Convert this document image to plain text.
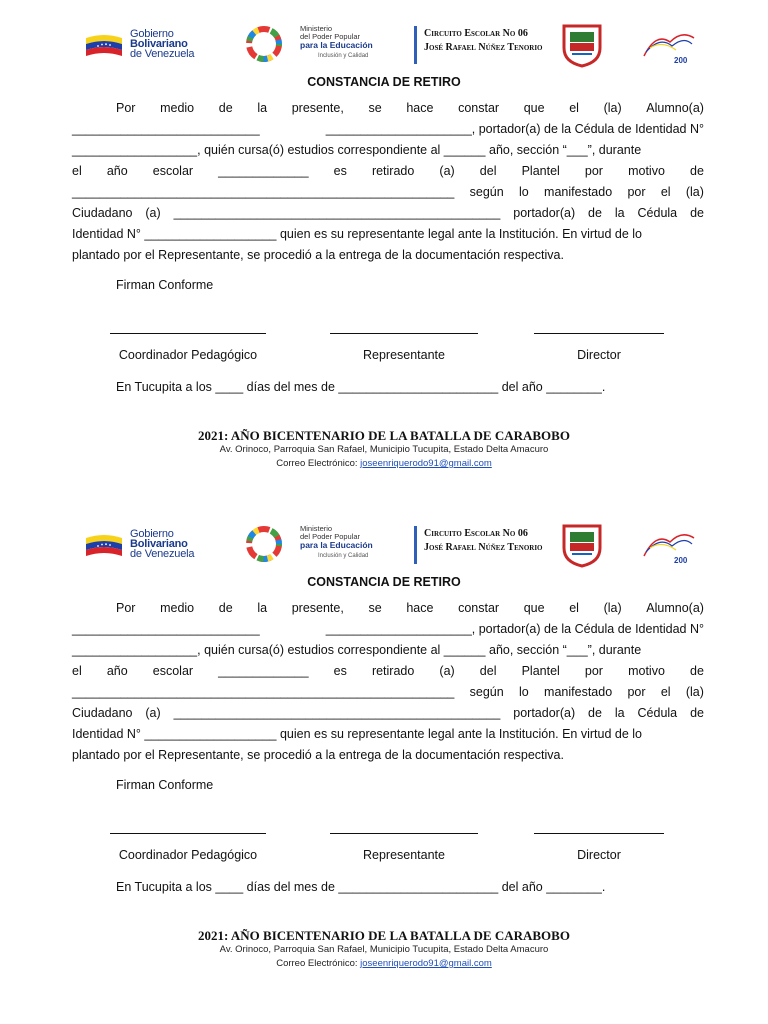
Gobierno
Bolivariano
de Venezuela
Ministerio
del Poder Popular
para la Educación
Inclusión y Calidad
Circuito Escolar No 06
José Rafael Núñez Tenorio
200
CONSTANCIA DE RETIRO
Por medio de la presente, se hace constar que el (la) Alumno(a)
___________________________	_____________________, portador(a) de la Cédula de Identidad N°
__________________, quién cursa(ó) estudios correspondiente al ______ año, sección “___”, durante
el año escolar _____________ es retirado (a) del Plantel por motivo de
_______________________________________________________ según lo manifestado por el (la)
Ciudadano (a) _______________________________________________ portador(a) de la Cédula de
Identidad N° ___________________ quien es su representante legal ante la Institución. En virtud de lo
plantado por el Representante, se procedió a la entrega de la documentación respectiva.
Firman Conforme
Coordinador Pedagógico	Representante	Director
En Tucupita a los ____ días del mes de _______________________ del año ________.
2021: AÑO BICENTENARIO DE LA BATALLA DE CARABOBO
Av. Orinoco, Parroquia San Rafael, Municipio Tucupita, Estado Delta Amacuro
Correo Electrónico: joseenriquerodo91@gmail.com
Gobierno
Bolivariano
de Venezuela
Ministerio
del Poder Popular
para la Educación
Inclusión y Calidad
Circuito Escolar No 06
José Rafael Núñez Tenorio
200
CONSTANCIA DE RETIRO
Por medio de la presente, se hace constar que el (la) Alumno(a)
___________________________	_____________________, portador(a) de la Cédula de Identidad N°
__________________, quién cursa(ó) estudios correspondiente al ______ año, sección “___”, durante
el año escolar _____________ es retirado (a) del Plantel por motivo de
_______________________________________________________ según lo manifestado por el (la)
Ciudadano (a) _______________________________________________ portador(a) de la Cédula de
Identidad N° ___________________ quien es su representante legal ante la Institución. En virtud de lo
plantado por el Representante, se procedió a la entrega de la documentación respectiva.
Firman Conforme
Coordinador Pedagógico	Representante	Director
En Tucupita a los ____ días del mes de _______________________ del año ________.
2021: AÑO BICENTENARIO DE LA BATALLA DE CARABOBO
Av. Orinoco, Parroquia San Rafael, Municipio Tucupita, Estado Delta Amacuro
Correo Electrónico: joseenriquerodo91@gmail.com
